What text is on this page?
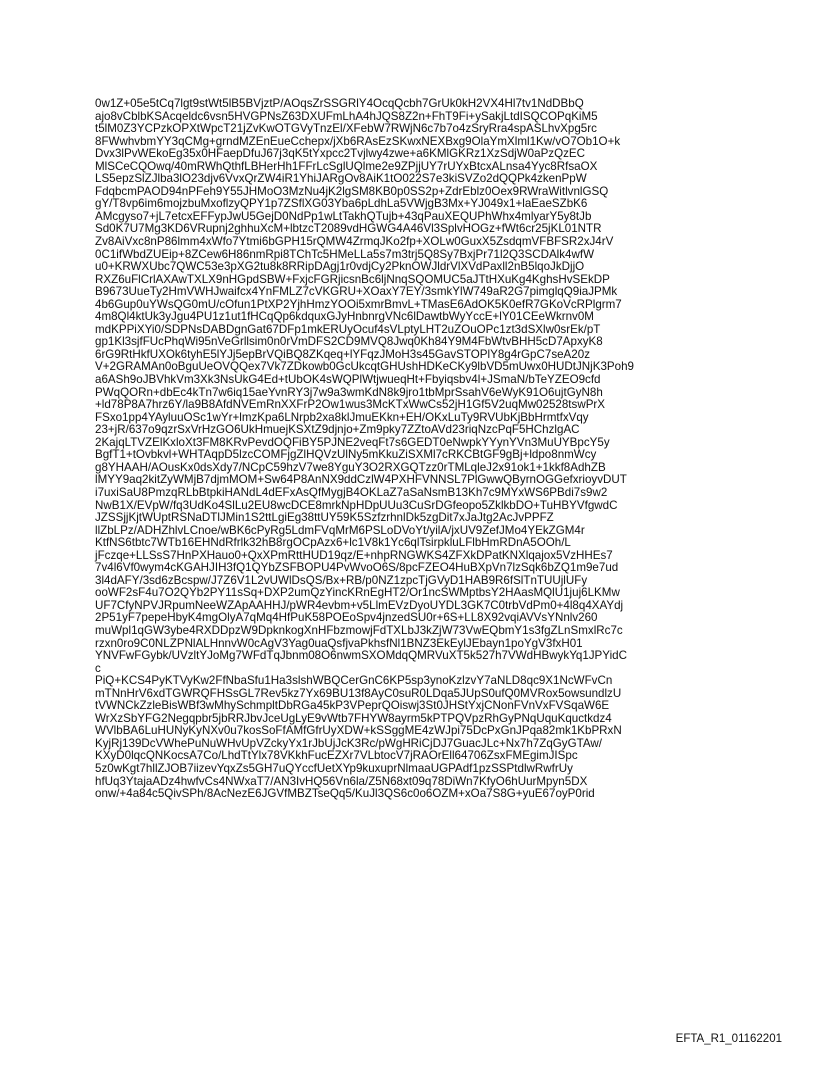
0w1Z+05e5tCq7lgt9stWt5lB5BVjztP/AOqsZrSSGRlY4OcqQcbh7GrUk0kH2VX4Hl7tv1NdDBbQ
ajo8vCblbKSAcqeldc6vsn5HVGPNsZ63DXUFmLhA4hJQS8Z2n+FhT9Fi+ySakjLtdISQCOPqKiM5
t5lM0Z3YCPzkOPXtWpcT21jZvKwOTGVyTnzEl/XFebW7RWjN6c7b7o4zSryRra4spASLhvXpg5rc
8FWwhvbmYY3qCMg+grndMZEnEueCchepx/jXb6RAsEzSKwxNEXBxg9OlaYmXlml1Kw/vO7Ob1O+k
Dvx3lPvWEkoEg35x0HFaepDfuJ67j3qK5tYxpcc2Tvjlwy4zwe+a6KMlGKRz1XzSdjW0aPzQzEC
MlSCeCQOwq/40mRWhQthfLBHerHh1FFrLcSglUQlme2e9ZPjjUY7rUYxBtcxALnsa4Yyc8RfsaOX
LS5epzSlZJlba3lO23djv6VvxQrZW4iR1YhiJARgOv8AiK1tO022S7e3kiSVZo2dQQPk4zkenPpW
FdqbcmPAOD94nPFeh9Y55JHMoO3MzNu4jK2lgSM8KB0p0SS2p+ZdrEblz0Oex9RWraWitlvnlGSQ
gY/T8vp6im6mojzbuMxoflzyQPY1p7ZSflXG03Yba6pLdhLa5VWjgB3Mx+YJ049x1+laEaeSZbK6
AMcgyso7+jL7etcxEFFypJwU5GejD0NdPp1wLtTakhQTujb+43qPauXEQUPhWhx4mlyarY5y8tJb
Sd0K7U7Mg3KD6VRupnj2ghhuXcM+lbtzcT2089vdHGWG4A46Vl3SplvHOGz+fWt6cr25jKL01NTR
Zv8AiVxc8nP86lmm4xWfo7Ytmi6bGPH15rQMW4ZrmqJKo2fp+XOLw0GuxX5ZsdqmVFBFSR2xJ4rV
0C1ifWbdZUEip+8ZCew6H86nmRpi8TChTc5HMeLLa5s7m3trj5Q8Sy7BxjPr71l2Q3SCDAlk4wfW
u0+KRWXUbc7QWC53e3pXG2tu8k8RRipDAgj1r0vdjCy2PknOWJldrVlXVdPaxll2nB5lqoJkDjjO
RXZ6uFlCrlAXAwTXLX9nHGpdSBW+FxjcFGRjicsnBc6ljNnqSQOMUC5aJTtHXuKg4KghsHvSEkDP
B9673UueTy2HmVWHJwaifcx4YnFMLZ7cVKGRU+XOaxY7EY/3smkYlW749aR2G7pimglqQ9iaJPMk
4b6Gup0uYWsQG0mU/cOfun1PtXP2YjhHmzYOOi5xmrBmvL+TMasE6AdOK5K0efR7GKoVcRPlgrm7
4m8Ql4ktUk3yJgu4PU1z1ut1fHCqQp6kdquxGJyHnbnrgVNc6lDawtbWyYccE+lY01CEeWkrnv0M
mdKPPiXYi0/SDPNsDABDgnGat67DFp1mkERUyOcuf4sVLptyLHT2uZOuOPc1zt3dSXlw0srEk/pT
gp1Kl3sjfFUcPhqWi95nVeGrllsim0n0rVmDFS2CD9MVQ8Jwq0Kh84Y9M4FbWtvBHH5cD7ApxyK8
6rG9RtHkfUXOk6tyhE5lYJj5epBrVQiBQ8ZKqeq+lYFqzJMoH3s45GavSTOPlY8g4rGpC7seA20z
V+2GRAMAn0oBguUeOVQQex7Vk7ZDkowb0GcUkcqtGHUshHDKeCKy9lbVD5mUwx0HUDtJNjK3Poh9
a6ASh9oJBVhkVm3Xk3NsUkG4Ed+tUbOK4sWQPlWtjwueqHt+Fbyiqsbv4l+JSmaN/bTeYZEO9cfd
PWqQORn+dbEc4kTn7w6iq15aeYvnRY3j7w9a3wmKdN8k9jro1tbMprSsahV6eWyK91O6ujtGyN8h
+ld78P8A7hrz6Y/la9B8AfdNVEmRnXXFrP2Ow1wus3McKTxWwCs52jH1Gf5V2uqMw02528tswPrX
FSxo1pp4YAyluuOSc1wYr+lmzKpa6LNrpb2xa8klJmuEKkn+EH/OKxLuTy9RVUbKjBbHrmtfxVqy
23+jR/637o9qzrSxVrHzGO6UkHmuejKSXtZ9djnjo+Zm9pky7ZZtoAVd23riqNzcPqF5HChzlgAC
2KajqLTVZElKxloXt3FM8KRvPevdOQFiBY5PJNE2veqFt7s6GEDT0eNwpkYYynYVn3MuUYBpcY5y
BgfT1+tOvbkvl+WHTAqpD5lzcCOMFjgZlHQVzUlNy5mKkuZiSXMl7cRKCBtGF9gBj+ldpo8nmWcy
g8YHAAH/AOusKx0dsXdy7/NCpC59hzV7we8YguY3O2RXGQTzz0rTMLqleJ2x91ok1+1kkf8AdhZB
lMYY9aq2kitZyWMjB7djmMOM+Sw64P8AnNX9ddCzlW4PXHFVNNSL7PlGwwQByrnOGGefxrioyvDUT
i7uxiSaU8PmzqRLbBtpkiHANdL4dEFxAsQfMygjB4OKLaZ7aSaNsmB13Kh7c9MYxWS6PBdi7s9w2
NwB1X/EVpW/fq3UdKo4SlLu2EU8wcDCE8mrkNpHDpUUu3CuSrDGfeopo5ZklkbDO+TuHBYVfgwdC
JZSSjjKjtWUptRSNaDTlJMin1S2ttLgiEg38ttUY59K5SzfzrhnlDk5zgDit7xJaJtg2AcJvPPFZ
llZbLPz/ADHZhlvLCnoe/wBK6cPyRg5LdmFVqMrM6PSLoDVoYt/yilA/jxUV9ZefJMo4YEkZGM4r
KtfNS6tbtc7WTb16EHNdRfrlk32hB8rgOCpAzx6+lc1V8k1Yc6qlTsirpkluLFlbHmRDnA5OOh/L
jFczqe+LLSsS7HnPXHauo0+QxXPmRttHUD19qz/E+nhpRNGWKS4ZFXkDPatKNXlqajox5VzHHEs7
7v4l6Vf0wym4cKGAHJIH3fQ1QYbZSFBOPU4PvWvoO6S/8pcFZEO4HuBXpVn7lzSqk6bZQ1m9e7ud
3l4dAFY/3sd6zBcspw/J7Z6V1L2vUWlDsQS/Bx+RB/p0NZ1zpcTjGVyD1HAB9R6fSlTnTUUjlUFy
ooWF2sF4u7O2QYb2PY11sSq+DXP2umQzYincKRnEgHT2/Or1ncSWMptbsY2HAasMQlU1juj6LKMw
UF7CfyNPVJRpumNeeWZApAAHHJ/pWR4evbm+v5LlmEVzDyoUYDL3GK7C0trbVdPm0+4l8q4XAYdj
2P51yF7pepeHbyK4mgOlyA7qMq4HfPuK58POEoSpv4jnzedSU0r+6S+LL8X92vqiAVVsYNnlv260
muWpl1qGW3ybe4RXDDpzW9DpknkogXnHFbzmowjFdTXLbJ3kZjW73VwEQbmY1s3fgZLnSmxlRc7c
rzxn0ro9C0NLZPNlALHnnvW0cAgV3Yag0uaQsfjvaPkhsfNl1BNZ3EkEylJEbayn1poYgV3fxH01
YNVFwFGybk/UVzltYJoMg7WFdTqJbnm08O6nwmSXOMdqQMRVuXT5k527h7VWdHBwykYq1JPYidC
c
PiQ+KCS4PyKTVyKw2FfNbaSfu1Ha3slshWBQCerGnC6KP5sp3ynoKzlzvY7aNLD8qc9X1NcWFvCn
mTNnHrV6xdTGWRQFHSsGL7Rev5kz7Yx69BU13f8AyC0suR0LDqa5JUpS0ufQ0MVRox5owsundlzU
tVWNCkZzleBisWBf3wMhySchmpltDbRGa45kP3VPeprQOiswj3St0JHStYxjCNonFVnVxFVSqaW6E
WrXzSbYFG2Negqpbr5jbRRJbvJceUgLyE9vWtb7FHYW8ayrm5kPTPQVpzRhGyPNqUquKquctkdz4
WVlbBA6LuHUNyKyNXv0u7kosSoFfAMfGfrUyXDW+kSSggME4zWJpi75DcPxGnJPqa82mk1KbPRxN
KyjRj139DcVWhePuNuWHvUpVZckyYx1rJbUjJcK3Rc/pWgHRiCjDJ7GuacJLc+Nx7h7ZqGyGTAw/
KXyD0lqcQNKocsA7Co/LhdTtYlx78VKkhFucEZXr7VLbtocV7jRAOrEll64706ZsxFMEgimJISpc
5z0wKgt7hllZJOB7iizevYqxZs5GH7uQYccfUetXYp9kuxuprNlmaaUGPAdf1pzSSPtdlwRwfrUy
hfUq3YtajaADz4hwfvCs4NWxaT7/AN3IvHQ56Vn6la/Z5N68xt09q78DiWn7KfyO6hUurMpyn5DX
onw/+4a84c5QivSPh/8AcNezE6JGVfMBZTseQq5/KuJl3QS6c0o6OZM+xOa7S8G+yuE67oyP0rid
EFTA_R1_01162201
